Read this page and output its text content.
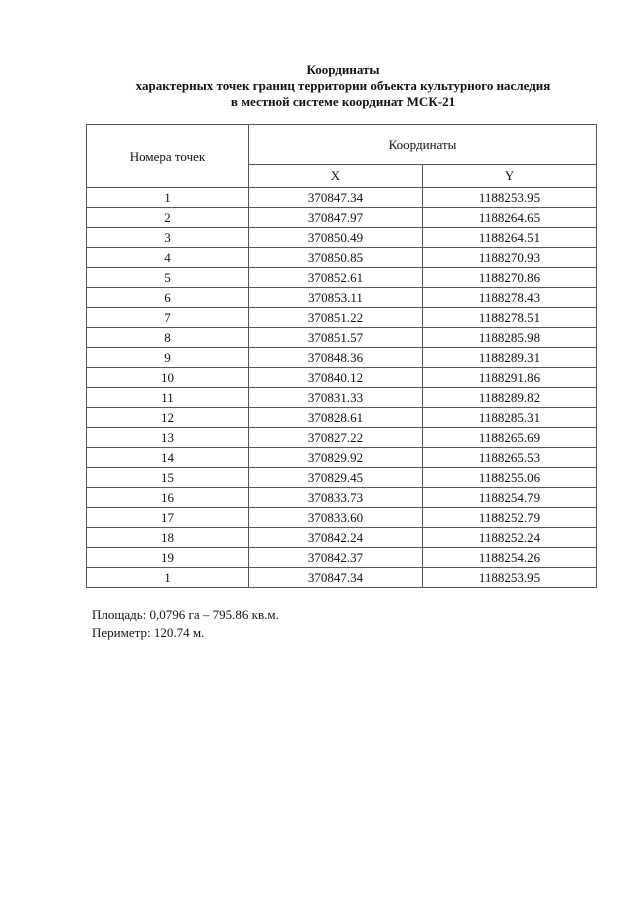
Координаты
характерных точек границ территории объекта культурного наследия
в местной системе координат МСК-21
Номера точек	Координаты	
	X	Y
1	370847.34	1188253.95
2	370847.97	1188264.65
3	370850.49	1188264.51
4	370850.85	1188270.93
5	370852.61	1188270.86
6	370853.11	1188278.43
7	370851.22	1188278.51
8	370851.57	1188285.98
9	370848.36	1188289.31
10	370840.12	1188291.86
11	370831.33	1188289.82
12	370828.61	1188285.31
13	370827.22	1188265.69
14	370829.92	1188265.53
15	370829.45	1188255.06
16	370833.73	1188254.79
17	370833.60	1188252.79
18	370842.24	1188252.24
19	370842.37	1188254.26
1	370847.34	1188253.95
Площадь: 0,0796 га – 795.86 кв.м.
Периметр: 120.74 м.
